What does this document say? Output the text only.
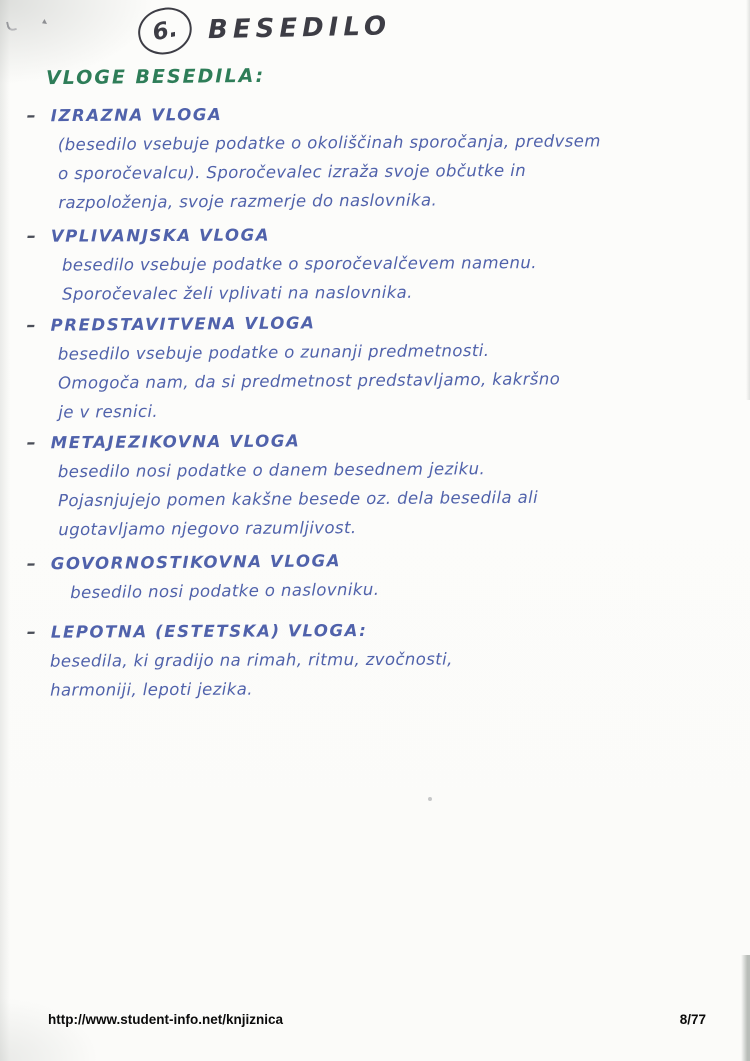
6. BESEDILO
VLOGE BESEDILA:
– IZRAZNA VLOGA
(besedilo vsebuje podatke o okoliščinah sporočanja, predvsem
o sporočevalcu). Sporočevalec izraža svoje občutke in
razpoloženja, svoje razmerje do naslovnika.
– VPLIVANJSKA VLOGA
besedilo vsebuje podatke o sporočevalčevem namenu.
Sporočevalec želi vplivati na naslovnika.
– PREDSTAVITVENA VLOGA
besedilo vsebuje podatke o zunanji predmetnosti.
Omogoča nam, da si predmetnost predstavljamo, kakršno
je v resnici.
– METAJEZIKOVNA VLOGA
besedilo nosi podatke o danem besednem jeziku.
Pojasnjujejo pomen kakšne besede oz. dela besedila ali
ugotavljamo njegovo razumljivost.
– GOVORNOSTIKOVNA VLOGA
besedilo nosi podatke o naslovniku.
– LEPOTNA (ESTETSKA) VLOGA:
besedila, ki gradijo na rimah, ritmu, zvočnosti,
harmoniji, lepoti jezika.
http://www.student-info.net/knjiznica	8/77
